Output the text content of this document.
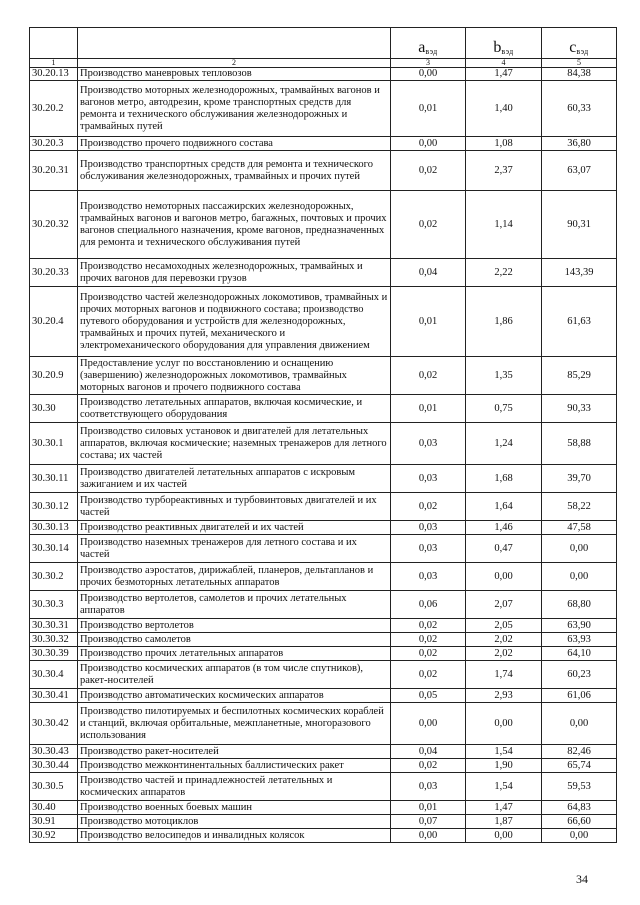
		$a_{вэд}$	$b_{вэд}$	$c_{вэд}$
1	2	3	4	5
30.20.13	Производство маневровых тепловозов	0,00	1,47	84,38
30.20.2	Производство моторных железнодорожных, трамвайных вагонов и вагонов метро, автодрезин, кроме транспортных средств для ремонта и технического обслуживания железнодорожных и трамвайных путей	0,01	1,40	60,33
30.20.3	Производство прочего подвижного состава	0,00	1,08	36,80
30.20.31	Производство транспортных средств для ремонта и технического обслуживания железнодорожных, трамвайных и прочих путей	0,02	2,37	63,07
30.20.32	Производство немоторных пассажирских железнодорожных, трамвайных вагонов и вагонов метро, багажных, почтовых и прочих вагонов специального назначения, кроме вагонов, предназначенных для ремонта и технического обслуживания путей	0,02	1,14	90,31
30.20.33	Производство несамоходных железнодорожных, трамвайных и прочих вагонов для перевозки грузов	0,04	2,22	143,39
30.20.4	Производство частей железнодорожных локомотивов, трамвайных и прочих моторных вагонов и подвижного состава; производство путевого оборудования и устройств для железнодорожных, трамвайных и прочих путей, механического и электромеханического оборудования для управления движением	0,01	1,86	61,63
30.20.9	Предоставление услуг по восстановлению и оснащению (завершению) железнодорожных локомотивов, трамвайных моторных вагонов и прочего подвижного состава	0,02	1,35	85,29
30.30	Производство летательных аппаратов, включая космические, и соответствующего оборудования	0,01	0,75	90,33
30.30.1	Производство силовых установок и двигателей для летательных аппаратов, включая космические; наземных тренажеров для летного состава; их частей	0,03	1,24	58,88
30.30.11	Производство двигателей летательных аппаратов с искровым зажиганием и их частей	0,03	1,68	39,70
30.30.12	Производство турбореактивных и турбовинтовых двигателей и их частей	0,02	1,64	58,22
30.30.13	Производство реактивных двигателей и их частей	0,03	1,46	47,58
30.30.14	Производство наземных тренажеров для летного состава и их частей	0,03	0,47	0,00
30.30.2	Производство аэростатов, дирижаблей, планеров, дельтапланов и прочих безмоторных летательных аппаратов	0,03	0,00	0,00
30.30.3	Производство вертолетов, самолетов и прочих летательных аппаратов	0,06	2,07	68,80
30.30.31	Производство вертолетов	0,02	2,05	63,90
30.30.32	Производство самолетов	0,02	2,02	63,93
30.30.39	Производство прочих летательных аппаратов	0,02	2,02	64,10
30.30.4	Производство космических аппаратов (в том числе спутников), ракет-носителей	0,02	1,74	60,23
30.30.41	Производство автоматических космических аппаратов	0,05	2,93	61,06
30.30.42	Производство пилотируемых и беспилотных космических кораблей и станций, включая орбитальные, межпланетные, многоразового использования	0,00	0,00	0,00
30.30.43	Производство ракет-носителей	0,04	1,54	82,46
30.30.44	Производство межконтинентальных баллистических ракет	0,02	1,90	65,74
30.30.5	Производство частей и принадлежностей летательных и космических аппаратов	0,03	1,54	59,53
30.40	Производство военных боевых машин	0,01	1,47	64,83
30.91	Производство мотоциклов	0,07	1,87	66,60
30.92	Производство велосипедов и инвалидных колясок	0,00	0,00	0,00
34
